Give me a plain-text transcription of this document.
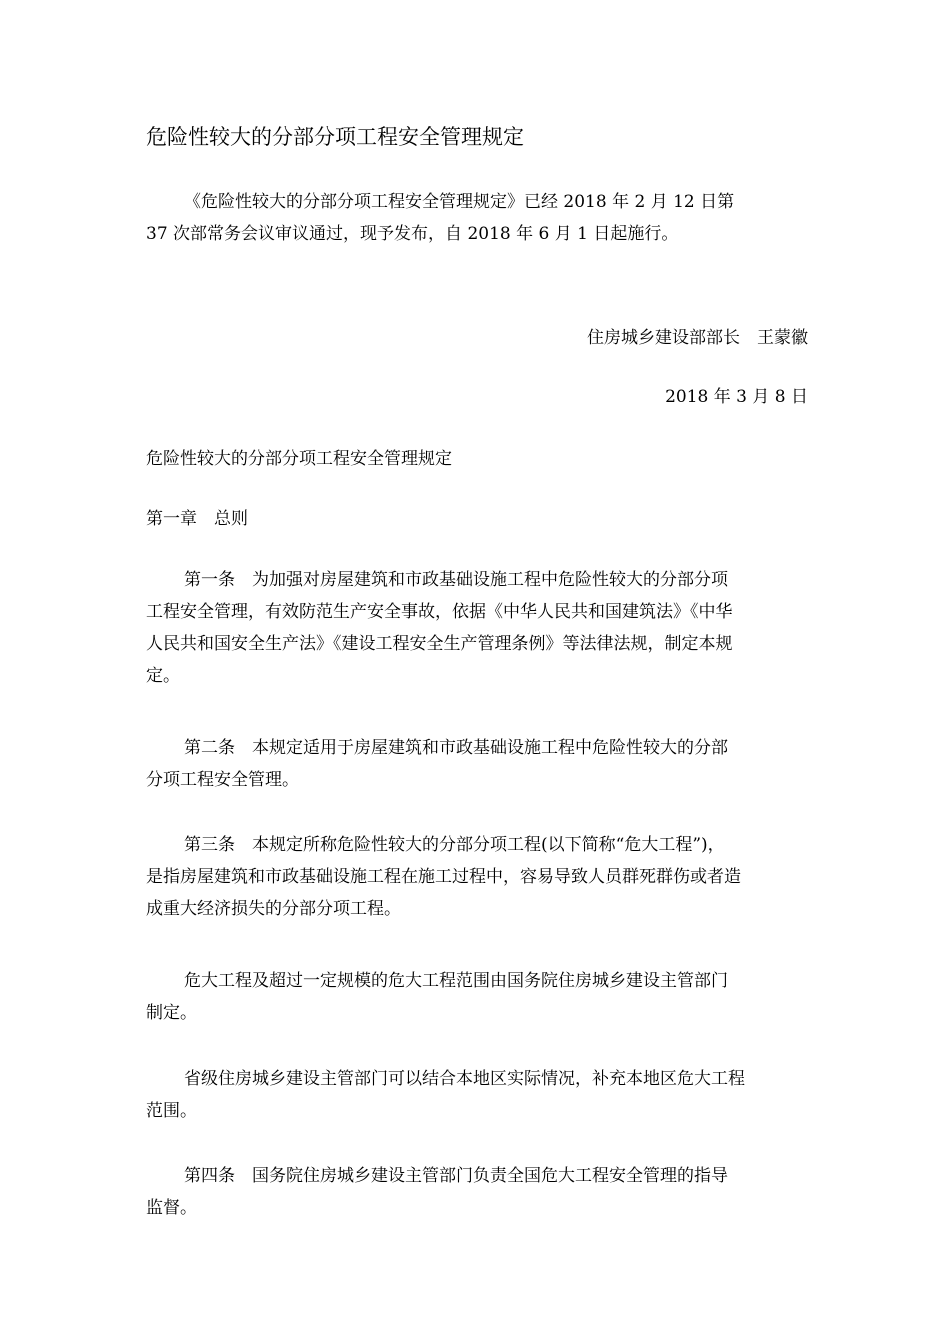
危险性较大的分部分项工程安全管理规定
《危险性较大的分部分项工程安全管理规定》已经 2018 年 2 月 12 日第
37 次部常务会议审议通过，现予发布，自 2018 年 6 月 1 日起施行。
住房城乡建设部部长　王蒙徽
2018 年 3 月 8 日
危险性较大的分部分项工程安全管理规定
第一章　总则
第一条　为加强对房屋建筑和市政基础设施工程中危险性较大的分部分项
工程安全管理，有效防范生产安全事故，依据《中华人民共和国建筑法》《中华
人民共和国安全生产法》《建设工程安全生产管理条例》等法律法规，制定本规
定。
第二条　本规定适用于房屋建筑和市政基础设施工程中危险性较大的分部
分项工程安全管理。
第三条　本规定所称危险性较大的分部分项工程(以下简称“危大工程”)，
是指房屋建筑和市政基础设施工程在施工过程中，容易导致人员群死群伤或者造
成重大经济损失的分部分项工程。
危大工程及超过一定规模的危大工程范围由国务院住房城乡建设主管部门
制定。
省级住房城乡建设主管部门可以结合本地区实际情况，补充本地区危大工程
范围。
第四条　国务院住房城乡建设主管部门负责全国危大工程安全管理的指导
监督。
